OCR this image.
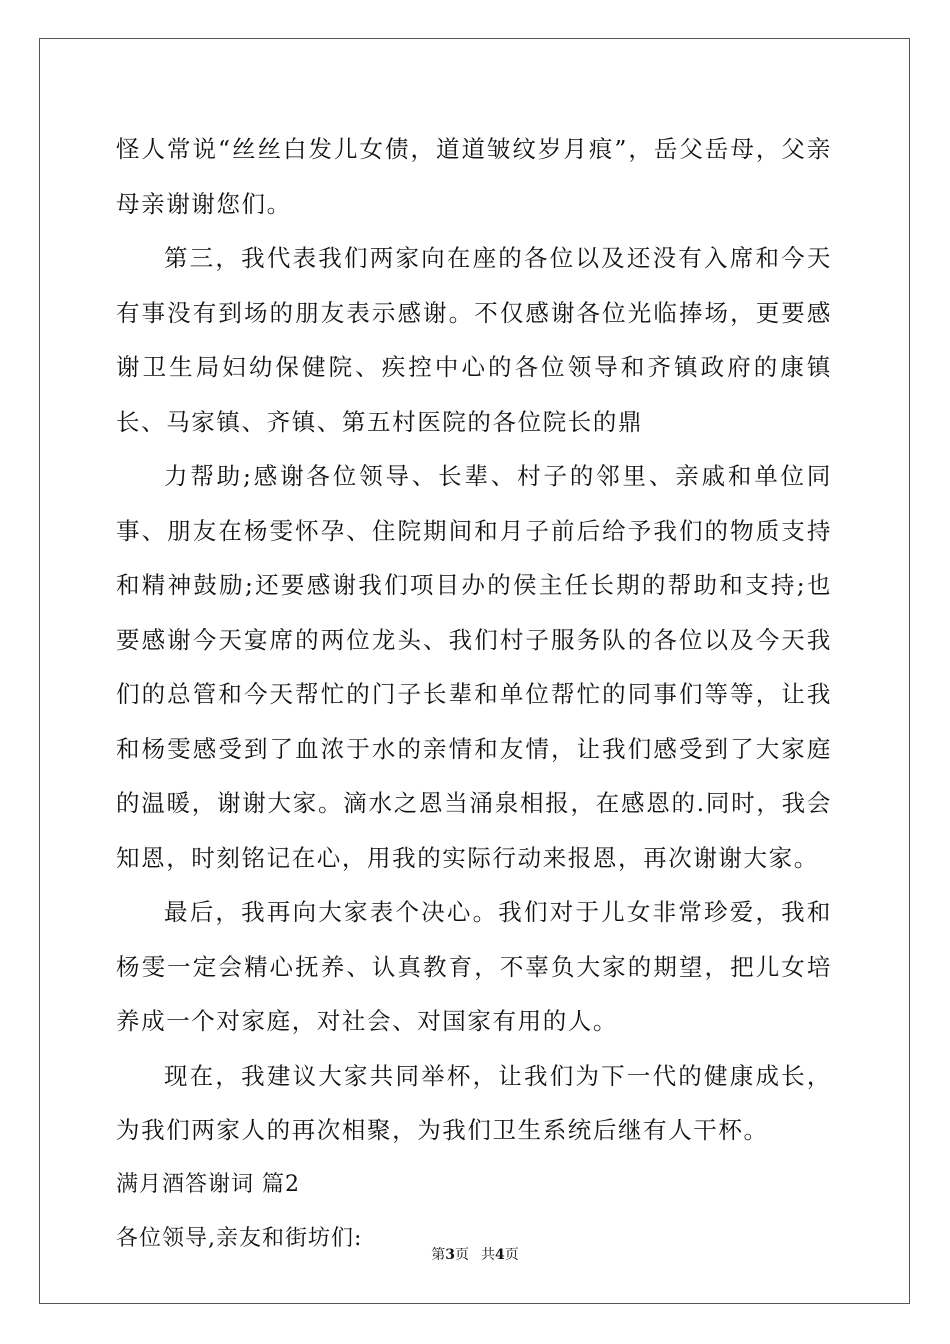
怪人常说“丝丝白发儿女债，道道皱纹岁月痕”，岳父岳母，父亲母亲谢谢您们。

第三，我代表我们两家向在座的各位以及还没有入席和今天有事没有到场的朋友表示感谢。不仅感谢各位光临捧场，更要感谢卫生局妇幼保健院、疾控中心的各位领导和齐镇政府的康镇长、马家镇、齐镇、第五村医院的各位院长的鼎

力帮助;感谢各位领导、长辈、村子的邻里、亲戚和单位同事、朋友在杨雯怀孕、住院期间和月子前后给予我们的物质支持和精神鼓励;还要感谢我们项目办的侯主任长期的帮助和支持;也要感谢今天宴席的两位龙头、我们村子服务队的各位以及今天我们的总管和今天帮忙的门子长辈和单位帮忙的同事们等等，让我和杨雯感受到了血浓于水的亲情和友情，让我们感受到了大家庭的温暖，谢谢大家。滴水之恩当涌泉相报，在感恩的.同时，我会知恩，时刻铭记在心，用我的实际行动来报恩，再次谢谢大家。

最后，我再向大家表个决心。我们对于儿女非常珍爱，我和杨雯一定会精心抚养、认真教育，不辜负大家的期望，把儿女培养成一个对家庭，对社会、对国家有用的人。

现在，我建议大家共同举杯，让我们为下一代的健康成长，为我们两家人的再次相聚，为我们卫生系统后继有人干杯。

满月酒答谢词 篇2

各位领导,亲友和街坊们:

第3页 共4页
